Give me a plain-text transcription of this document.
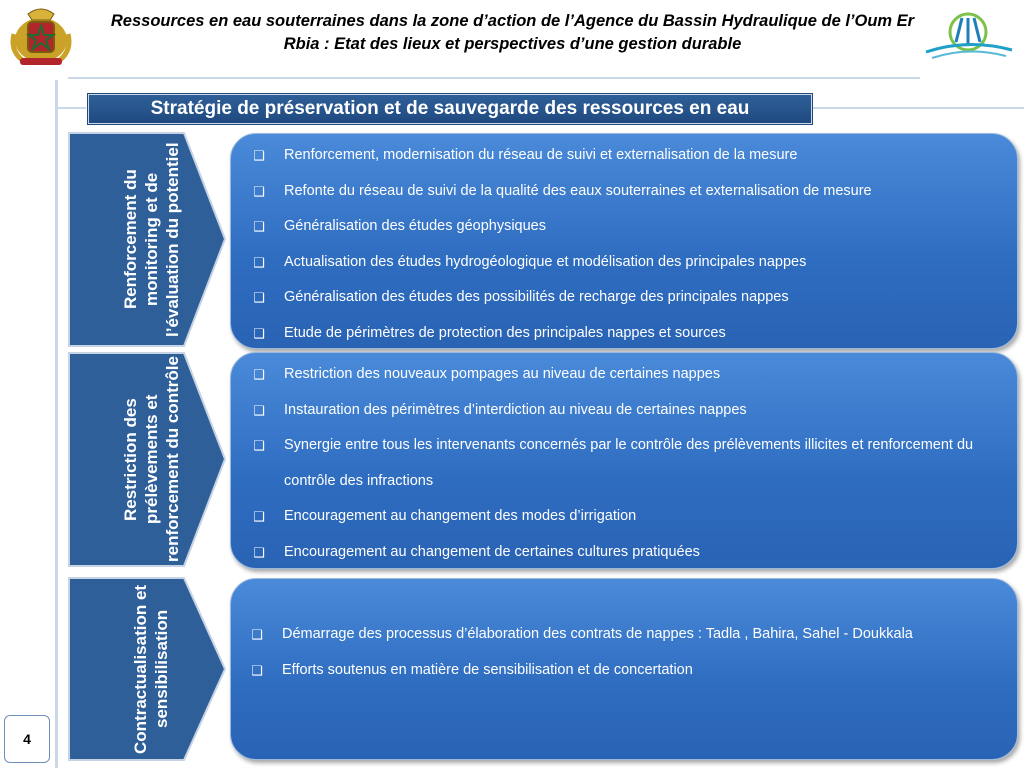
Ressources en eau souterraines dans la zone d’action de l’Agence du Bassin Hydraulique de l’Oum Er Rbia : Etat des lieux et perspectives d’une gestion durable
Stratégie de préservation et de sauvegarde des ressources en eau
Renforcement du monitoring et de l’évaluation du potentiel	❑ Renforcement, modernisation du réseau de suivi et externalisation de la mesure
❑ Refonte du réseau de suivi de la qualité des eaux souterraines et externalisation de mesure
❑ Généralisation des études géophysiques
❑ Actualisation des études hydrogéologique et modélisation des principales nappes
❑ Généralisation des études des possibilités de recharge des principales nappes
❑ Etude de périmètres de protection des principales nappes et sources
Restriction des prélèvements et renforcement du contrôle	❑ Restriction des nouveaux pompages au niveau de certaines nappes
❑ Instauration des périmètres d’interdiction au niveau de certaines nappes
❑ Synergie entre tous les intervenants concernés par le contrôle des prélèvements illicites et renforcement du contrôle des infractions
❑ Encouragement au changement des modes d’irrigation
❑ Encouragement au changement de certaines cultures pratiquées
Contractualisation et sensibilisation	❑ Démarrage des processus d’élaboration des contrats de nappes : Tadla , Bahira, Sahel - Doukkala
❑ Efforts soutenus en matière de sensibilisation et de concertation
4
